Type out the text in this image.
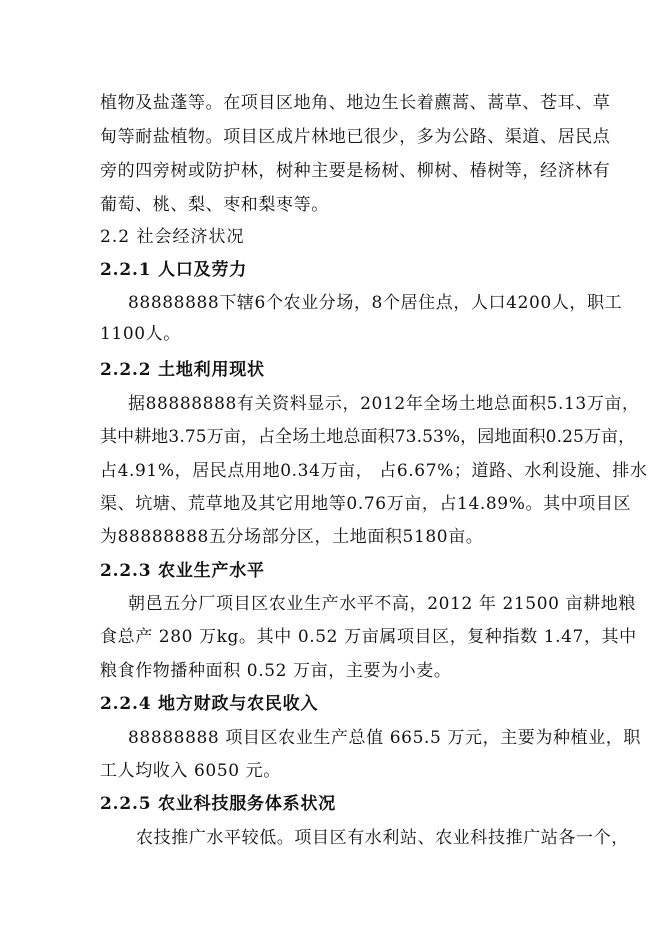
植物及盐蓬等。在项目区地角、地边生长着藨蒿、蒿草、苍耳、草
甸等耐盐植物。项目区成片林地已很少，多为公路、渠道、居民点
旁的四旁树或防护林，树种主要是杨树、柳树、椿树等，经济林有
葡萄、桃、梨、枣和梨枣等。
2.2 社会经济状况
2.2.1 人口及劳力
88888888下辖6个农业分场，8个居住点，人口4200人，职工
1100人。
2.2.2 土地利用现状
据88888888有关资料显示，2012年全场土地总面积5.13万亩，
其中耕地3.75万亩，占全场土地总面积73.53%，园地面积0.25万亩，
占4.91%，居民点用地0.34万亩， 占6.67%；道路、水利设施、排水
渠、坑塘、荒草地及其它用地等0.76万亩，占14.89%。其中项目区
为88888888五分场部分区，土地面积5180亩。
2.2.3 农业生产水平
朝邑五分厂项目区农业生产水平不高，2012 年 21500 亩耕地粮
食总产 280 万kg。其中 0.52 万亩属项目区，复种指数 1.47，其中
粮食作物播种面积 0.52 万亩，主要为小麦。
2.2.4 地方财政与农民收入
88888888 项目区农业生产总值 665.5 万元，主要为种植业，职
工人均收入 6050 元。
2.2.5 农业科技服务体系状况
农技推广水平较低。项目区有水利站、农业科技推广站各一个，
